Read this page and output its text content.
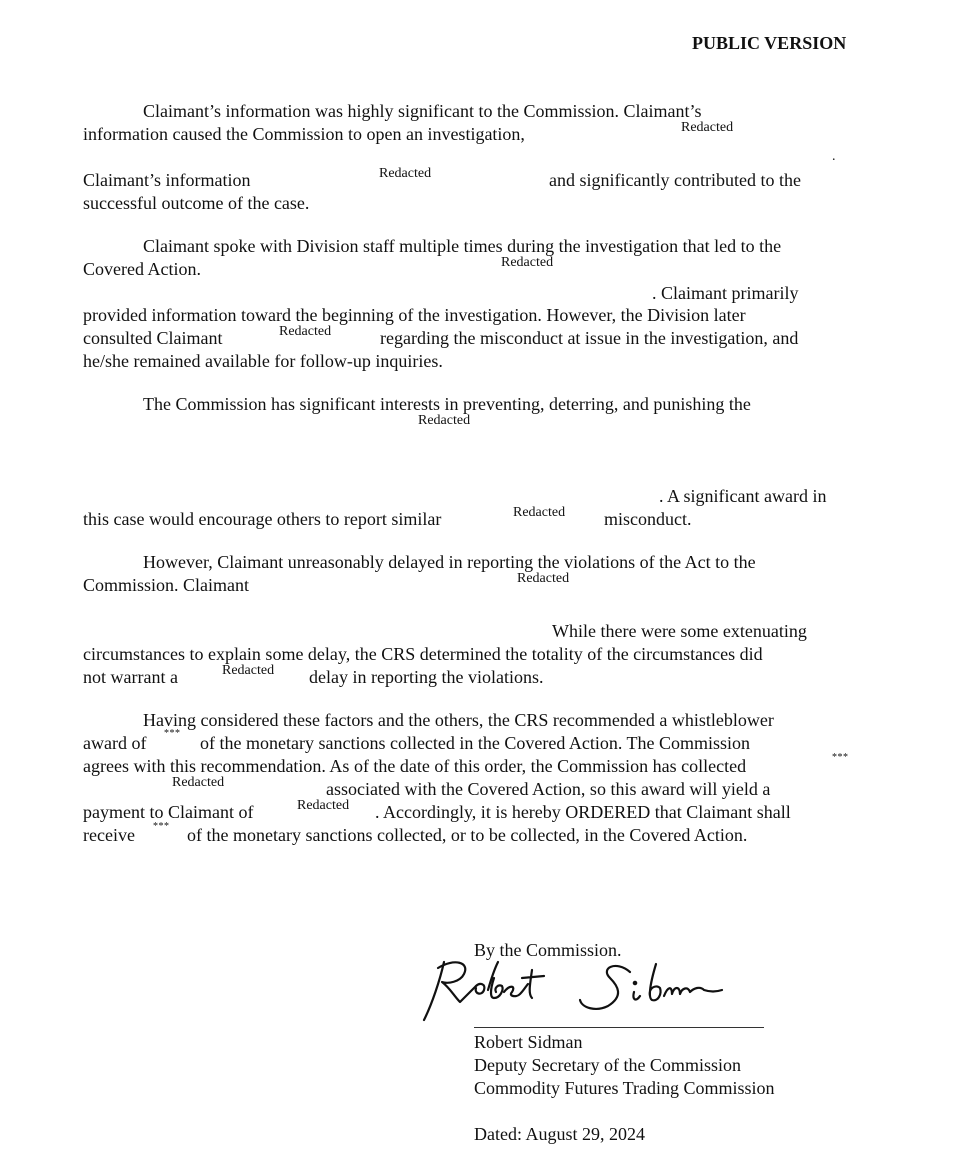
PUBLIC VERSION
Claimant’s information was highly significant to the Commission. Claimant’s
information caused the Commission to open an investigation,	Redacted
.
Claimant’s information	Redacted	and significantly contributed to the
successful outcome of the case.
Claimant spoke with Division staff multiple times during the investigation that led to the
Covered Action.	Redacted
. Claimant primarily
provided information toward the beginning of the investigation. However, the Division later
consulted Claimant	Redacted	regarding the misconduct at issue in the investigation, and
he/she remained available for follow-up inquiries.
The Commission has significant interests in preventing, deterring, and punishing the
Redacted
. A significant award in
this case would encourage others to report similar	Redacted misconduct.
However, Claimant unreasonably delayed in reporting the violations of the Act to the
Commission. Claimant	Redacted
While there were some extenuating
circumstances to explain some delay, the CRS determined the totality of the circumstances did
not warrant a	Redacted delay in reporting the violations.
Having considered these factors and the others, the CRS recommended a whistleblower
award of *** of the monetary sanctions collected in the Covered Action. The Commission
agrees with this recommendation. As of the date of this order, the Commission has collected	***
Redacted	associated with the Covered Action, so this award will yield a
payment to Claimant of	Redacted . Accordingly, it is hereby ORDERED that Claimant shall
receive *** of the monetary sanctions collected, or to be collected, in the Covered Action.
By the Commission.
Robert Sidman
Deputy Secretary of the Commission
Commodity Futures Trading Commission
Dated: August 29, 2024
